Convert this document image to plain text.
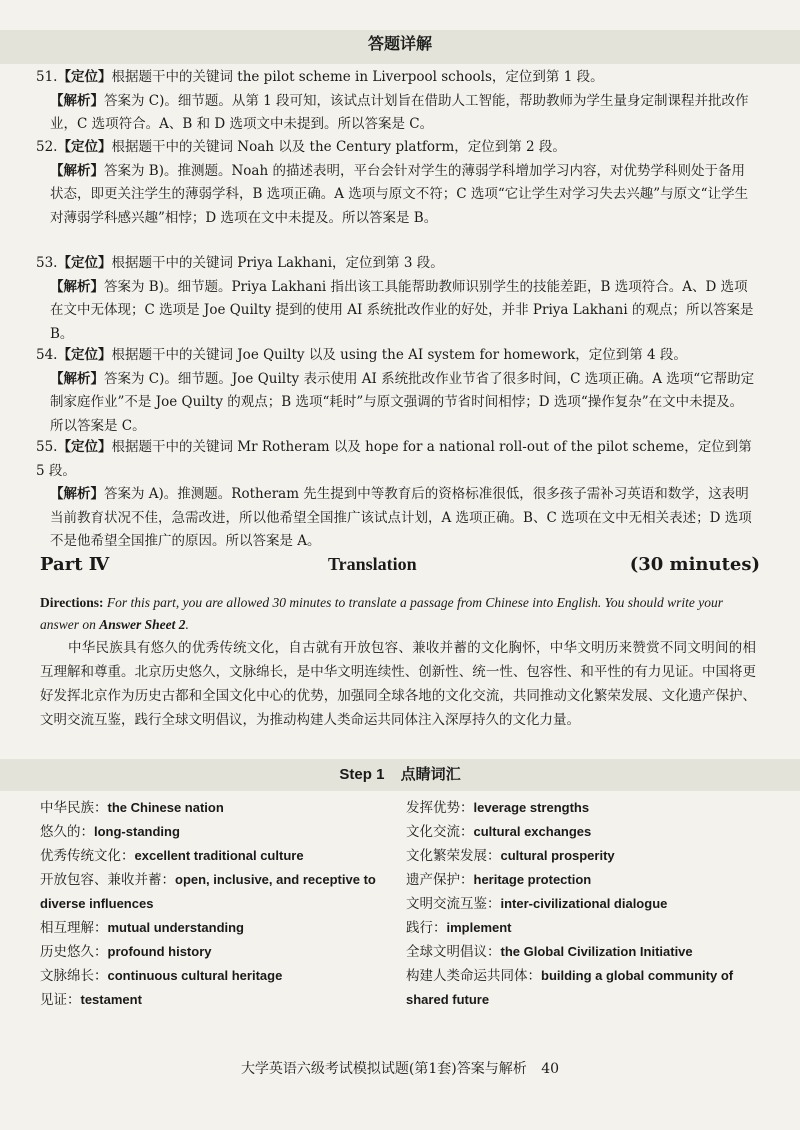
答题详解

51.【定位】根据题干中的关键词 the pilot scheme in Liverpool schools，定位到第 1 段。

【解析】答案为 C)。细节题。从第 1 段可知，该试点计划旨在借助人工智能，帮助教师为学生量身定制课程并批改作业，C 选项符合。A、B 和 D 选项文中未提到。所以答案是 C。

52.【定位】根据题干中的关键词 Noah 以及 the Century platform，定位到第 2 段。

【解析】答案为 B)。推测题。Noah 的描述表明，平台会针对学生的薄弱学科增加学习内容，对优势学科则处于备用状态，即更关注学生的薄弱学科，B 选项正确。A 选项与原文不符；C 选项“它让学生对学习失去兴趣”与原文“让学生对薄弱学科感兴趣”相悖；D 选项在文中未提及。所以答案是 B。

53.【定位】根据题干中的关键词 Priya Lakhani，定位到第 3 段。

【解析】答案为 B)。细节题。Priya Lakhani 指出该工具能帮助教师识别学生的技能差距，B 选项符合。A、D 选项在文中无体现；C 选项是 Joe Quilty 提到的使用 AI 系统批改作业的好处，并非 Priya Lakhani 的观点；所以答案是 B。

54.【定位】根据题干中的关键词 Joe Quilty 以及 using the AI system for homework，定位到第 4 段。

【解析】答案为 C)。细节题。Joe Quilty 表示使用 AI 系统批改作业节省了很多时间，C 选项正确。A 选项“它帮助定制家庭作业”不是 Joe Quilty 的观点；B 选项“耗时”与原文强调的节省时间相悖；D 选项“操作复杂”在文中未提及。所以答案是 C。

55.【定位】根据题干中的关键词 Mr Rotheram 以及 hope for a national roll-out of the pilot scheme，定位到第 5 段。

【解析】答案为 A)。推测题。Rotheram 先生提到中等教育后的资格标准很低，很多孩子需补习英语和数学，这表明当前教育状况不佳，急需改进，所以他希望全国推广该试点计划，A 选项正确。B、C 选项在文中无相关表述；D 选项不是他希望全国推广的原因。所以答案是 A。

Part Ⅳ	Translation	(30 minutes)
Directions: For this part, you are allowed 30 minutes to translate a passage from Chinese into English. You should write your answer on Answer Sheet 2.
中华民族具有悠久的优秀传统文化，自古就有开放包容、兼收并蓄的文化胸怀，中华文明历来赞赏不同文明间的相互理解和尊重。北京历史悠久，文脉绵长，是中华文明连续性、创新性、统一性、包容性、和平性的有力见证。中国将更好发挥北京作为历史古都和全国文化中心的优势，加强同全球各地的文化交流，共同推动文化繁荣发展、文化遗产保护、文明交流互鉴，践行全球文明倡议，为推动构建人类命运共同体注入深厚持久的文化力量。
Step 1 点睛词汇

中华民族：the Chinese nation

悠久的：long-standing

优秀传统文化：excellent traditional culture

开放包容、兼收并蓄：open, inclusive, and receptive to diverse influences

相互理解：mutual understanding

历史悠久：profound history

文脉绵长：continuous cultural heritage

见证：testament

发挥优势：leverage strengths

文化交流：cultural exchanges

文化繁荣发展：cultural prosperity

遗产保护：heritage protection

文明交流互鉴：inter-civilizational dialogue

践行：implement

全球文明倡议：the Global Civilization Initiative

构建人类命运共同体：building a global community of shared future

大学英语六级考试模拟试题(第1套)答案与解析 40
